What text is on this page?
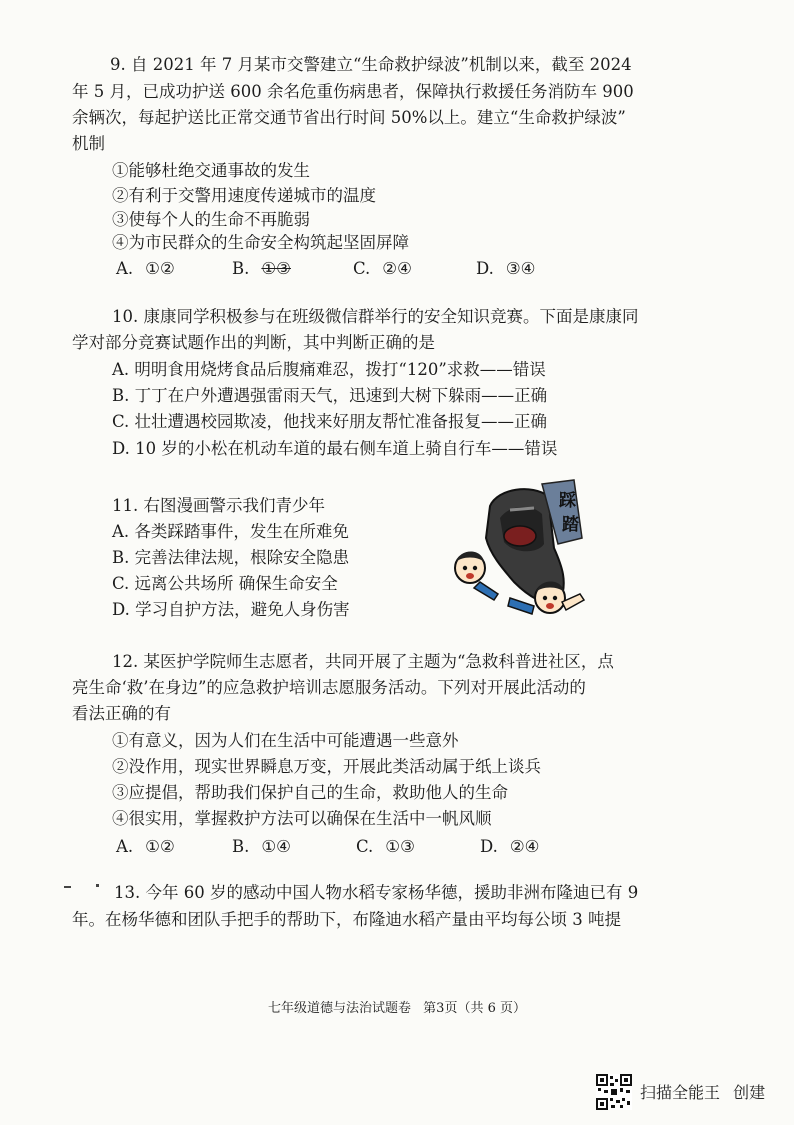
9. 自 2021 年 7 月某市交警建立“生命救护绿波”机制以来，截至 2024
年 5 月，已成功护送 600 余名危重伤病患者，保障执行救援任务消防车 900
余辆次，每起护送比正常交通节省出行时间 50%以上。建立“生命救护绿波”
机制
①能够杜绝交通事故的发生
②有利于交警用速度传递城市的温度
③使每个人的生命不再脆弱
④为市民群众的生命安全构筑起坚固屏障
A. ①②	B. ①③	C. ②④	D. ③④
10. 康康同学积极参与在班级微信群举行的安全知识竞赛。下面是康康同
学对部分竞赛试题作出的判断，其中判断正确的是
A. 明明食用烧烤食品后腹痛难忍，拨打“120”求救——错误
B. 丁丁在户外遭遇强雷雨天气，迅速到大树下躲雨——正确
C. 壮壮遭遇校园欺凌，他找来好朋友帮忙准备报复——正确
D. 10 岁的小松在机动车道的最右侧车道上骑自行车——错误
11. 右图漫画警示我们青少年
A. 各类踩踏事件，发生在所难免
B. 完善法律法规，根除安全隐患
C. 远离公共场所 确保生命安全
D. 学习自护方法，避免人身伤害
踩
踏
12. 某医护学院师生志愿者，共同开展了主题为“急救科普进社区，点
亮生命‘救’在身边”的应急救护培训志愿服务活动。下列对开展此活动的
看法正确的有
①有意义，因为人们在生活中可能遭遇一些意外
②没作用，现实世界瞬息万变，开展此类活动属于纸上谈兵
③应提倡，帮助我们保护自己的生命，救助他人的生命
④很实用，掌握救护方法可以确保在生活中一帆风顺
A. ①②	B. ①④	C. ①③	D. ②④
13. 今年 60 岁的感动中国人物水稻专家杨华德，援助非洲布隆迪已有 9
年。在杨华德和团队手把手的帮助下，布隆迪水稻产量由平均每公顷 3 吨提
七年级道德与法治试题卷 第3页（共 6 页）
扫描全能王 创建
